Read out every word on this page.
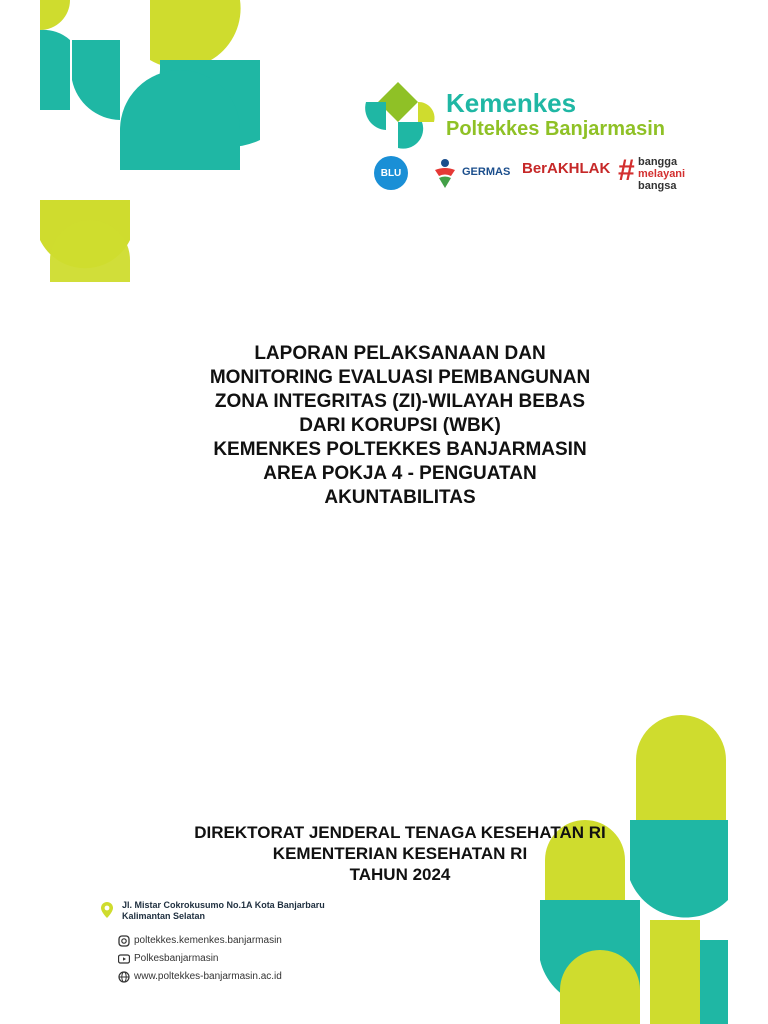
Kemenkes
Poltekkes Banjarmasin
BLU	GERMAS BerAKHLAK # bangga
melayani
bangsa
LAPORAN PELAKSANAAN DAN
MONITORING EVALUASI PEMBANGUNAN
ZONA INTEGRITAS (ZI)-WILAYAH BEBAS
DARI KORUPSI (WBK)
KEMENKES POLTEKKES BANJARMASIN
AREA POKJA 4 - PENGUATAN
AKUNTABILITAS
DIREKTORAT JENDERAL TENAGA KESEHATAN RI
KEMENTERIAN KESEHATAN RI
TAHUN 2024
Jl. Mistar Cokrokusumo No.1A Kota Banjarbaru
Kalimantan Selatan
poltekkes.kemenkes.banjarmasin
Polkesbanjarmasin
www.poltekkes-banjarmasin.ac.id
